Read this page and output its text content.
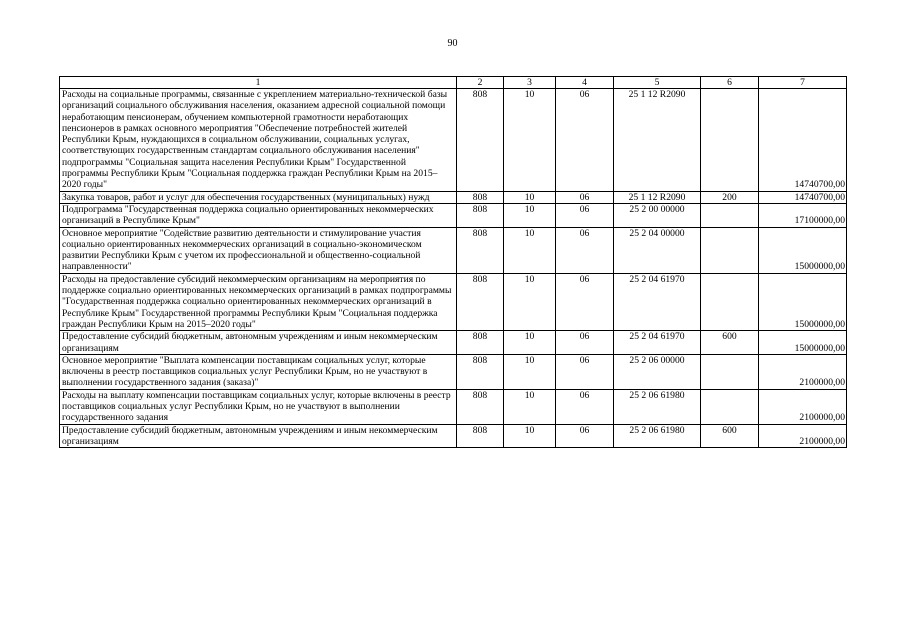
90
1	2	3	4	5	6	7
Расходы на социальные программы, связанные с укреплением материально-технической базы организаций социального обслуживания населения, оказанием адресной социальной помощи неработающим пенсионерам, обучением компьютерной грамотности неработающих пенсионеров в рамках основного мероприятия "Обеспечение потребностей жителей Республики Крым, нуждающихся в социальном обслуживании, социальных услугах, соответствующих государственным стандартам социального обслуживания населения" подпрограммы "Социальная защита населения Республики Крым" Государственной программы Республики Крым "Социальная поддержка граждан Республики Крым на 2015–2020 годы"	808	10	06	25 1 12 R2090		14740700,00
Закупка товаров, работ и услуг для обеспечения государственных (муниципальных) нужд	808	10	06	25 1 12 R2090	200	14740700,00
Подпрограмма "Государственная поддержка социально ориентированных некоммерческих организаций в Республике Крым"	808	10	06	25 2 00 00000		17100000,00
Основное мероприятие "Содействие развитию деятельности и стимулирование участия социально ориентированных некоммерческих организаций в социально-экономическом развитии Республики Крым с учетом их профессиональной и общественно-социальной направленности"	808	10	06	25 2 04 00000		15000000,00
Расходы на предоставление субсидий некоммерческим организациям на мероприятия по поддержке социально ориентированных некоммерческих организаций в рамках подпрограммы "Государственная поддержка социально ориентированных некоммерческих организаций в Республике Крым" Государственной программы Республики Крым "Социальная поддержка граждан Республики Крым на 2015–2020 годы"	808	10	06	25 2 04 61970		15000000,00
Предоставление субсидий бюджетным, автономным учреждениям и иным некоммерческим организациям	808	10	06	25 2 04 61970	600	15000000,00
Основное мероприятие "Выплата компенсации поставщикам социальных услуг, которые включены в реестр поставщиков социальных услуг Республики Крым, но не участвуют в выполнении государственного задания (заказа)"	808	10	06	25 2 06 00000		2100000,00
Расходы на выплату компенсации поставщикам социальных услуг, которые включены в реестр поставщиков социальных услуг Республики Крым, но не участвуют в выполнении государственного задания	808	10	06	25 2 06 61980		2100000,00
Предоставление субсидий бюджетным, автономным учреждениям и иным некоммерческим организациям	808	10	06	25 2 06 61980	600	2100000,00
